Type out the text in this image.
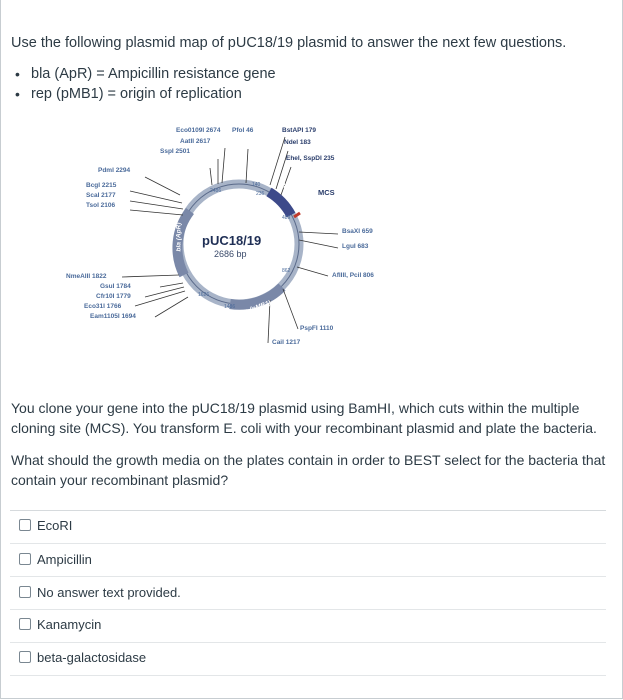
Use the following plasmid map of pUC18/19 plasmid to answer the next few questions.
• bla (ApR) = Ampicillin resistance gene
• rep (pMB1) = origin of replication
Eco0109I 2674
AatII 2617
SspI 2501
PfoI 46	BstAPI 179
NdeI 183
EheI, SspDI 235
PdmI 2294
BcgI 2215
ScaI 2177
TsoI 2106
NmeAIII 1822
GsuI 1784
Cfr10I 1779
Eco31I 1766
Eam1105I 1694
BsaXI 659
LguI 683
AflIII, PciI 806
PspFI 1110
CaiI 1217
MCS
lacZ
bla (ApR)
rep (pMB1)
2486
140
236
489
862
1486
1626
pUC18/19
2686 bp
You clone your gene into the pUC18/19 plasmid using BamHI, which cuts within the multiple cloning site (MCS). You transform E. coli with your recombinant plasmid and plate the bacteria.
What should the growth media on the plates contain in order to BEST select for the bacteria that contain your recombinant plasmid?
EcoRI
Ampicillin
No answer text provided.
Kanamycin
beta-galactosidase
